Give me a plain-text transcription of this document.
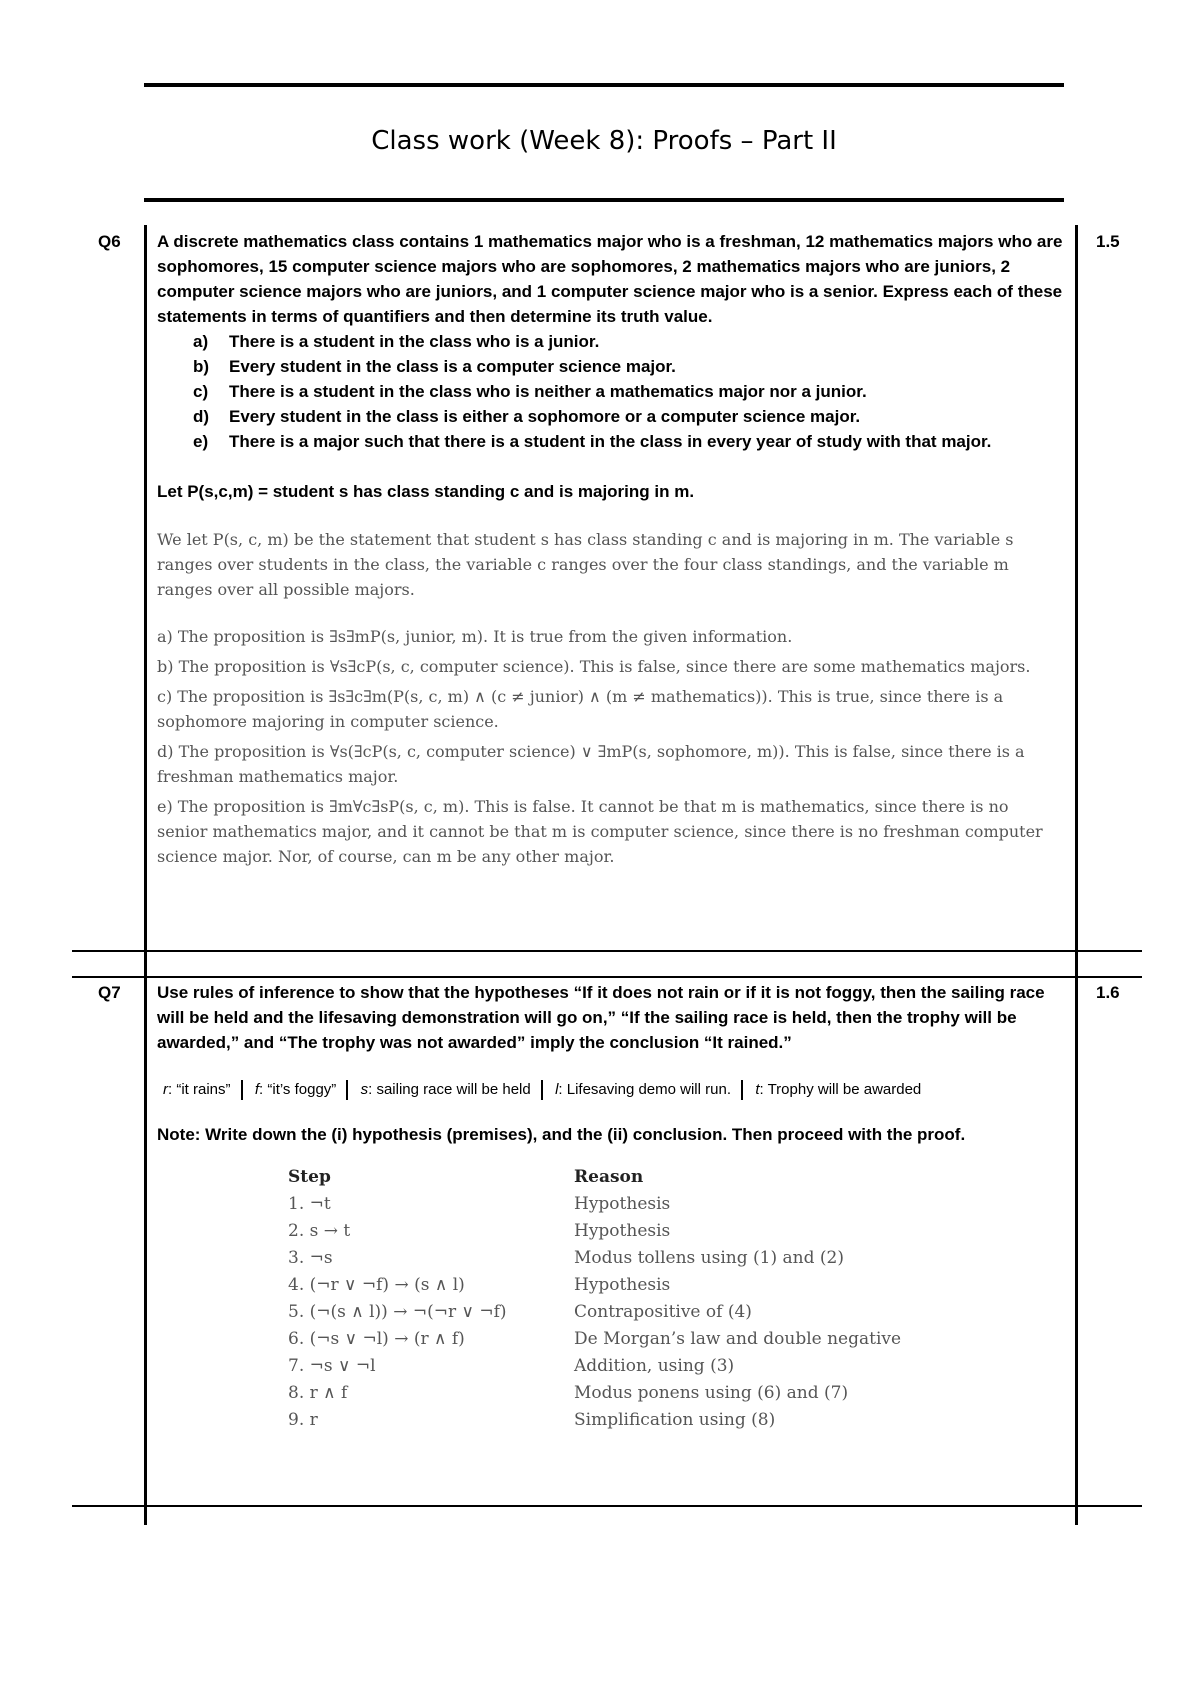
Class work (Week 8): Proofs – Part II
Q6	1.5
A discrete mathematics class contains 1 mathematics major who is a freshman, 12 mathematics majors who are sophomores, 15 computer science majors who are sophomores, 2 mathematics majors who are juniors, 2 computer science majors who are juniors, and 1 computer science major who is a senior. Express each of these statements in terms of quantifiers and then determine its truth value.
a)	There is a student in the class who is a junior.
b)	Every student in the class is a computer science major.
c)	There is a student in the class who is neither a mathematics major nor a junior.
d)	Every student in the class is either a sophomore or a computer science major.
e)	There is a major such that there is a student in the class in every year of study with that major.
Let P(s,c,m) = student s has class standing c and is majoring in m.

We let P(s, c, m) be the statement that student s has class standing c and is majoring in m. The variable s ranges over students in the class, the variable c ranges over the four class standings, and the variable m ranges over all possible majors.

a) The proposition is ∃s∃mP(s, junior, m). It is true from the given information.

b) The proposition is ∀s∃cP(s, c, computer science). This is false, since there are some mathematics majors.

c) The proposition is ∃s∃c∃m(P(s, c, m) ∧ (c ≠ junior) ∧ (m ≠ mathematics)). This is true, since there is a sophomore majoring in computer science.

d) The proposition is ∀s(∃cP(s, c, computer science) ∨ ∃mP(s, sophomore, m)). This is false, since there is a freshman mathematics major.

e) The proposition is ∃m∀c∃sP(s, c, m). This is false. It cannot be that m is mathematics, since there is no senior mathematics major, and it cannot be that m is computer science, since there is no freshman computer science major. Nor, of course, can m be any other major.

Q7	1.6
Use rules of inference to show that the hypotheses “If it does not rain or if it is not foggy, then the sailing race will be held and the lifesaving demonstration will go on,” “If the sailing race is held, then the trophy will be awarded,” and “The trophy was not awarded” imply the conclusion “It rained.”
r: “it rains” f: “it’s foggy” s: sailing race will be held l: Lifesaving demo will run. t: Trophy will be awarded
Note: Write down the (i) hypothesis (premises), and the (ii) conclusion. Then proceed with the proof.
Step	Reason
1. ¬t	Hypothesis
2. s → t	Hypothesis
3. ¬s	Modus tollens using (1) and (2)
4. (¬r ∨ ¬f) → (s ∧ l)	Hypothesis
5. (¬(s ∧ l)) → ¬(¬r ∨ ¬f)	Contrapositive of (4)
6. (¬s ∨ ¬l) → (r ∧ f)	De Morgan’s law and double negative
7. ¬s ∨ ¬l	Addition, using (3)
8. r ∧ f	Modus ponens using (6) and (7)
9. r	Simplification using (8)
